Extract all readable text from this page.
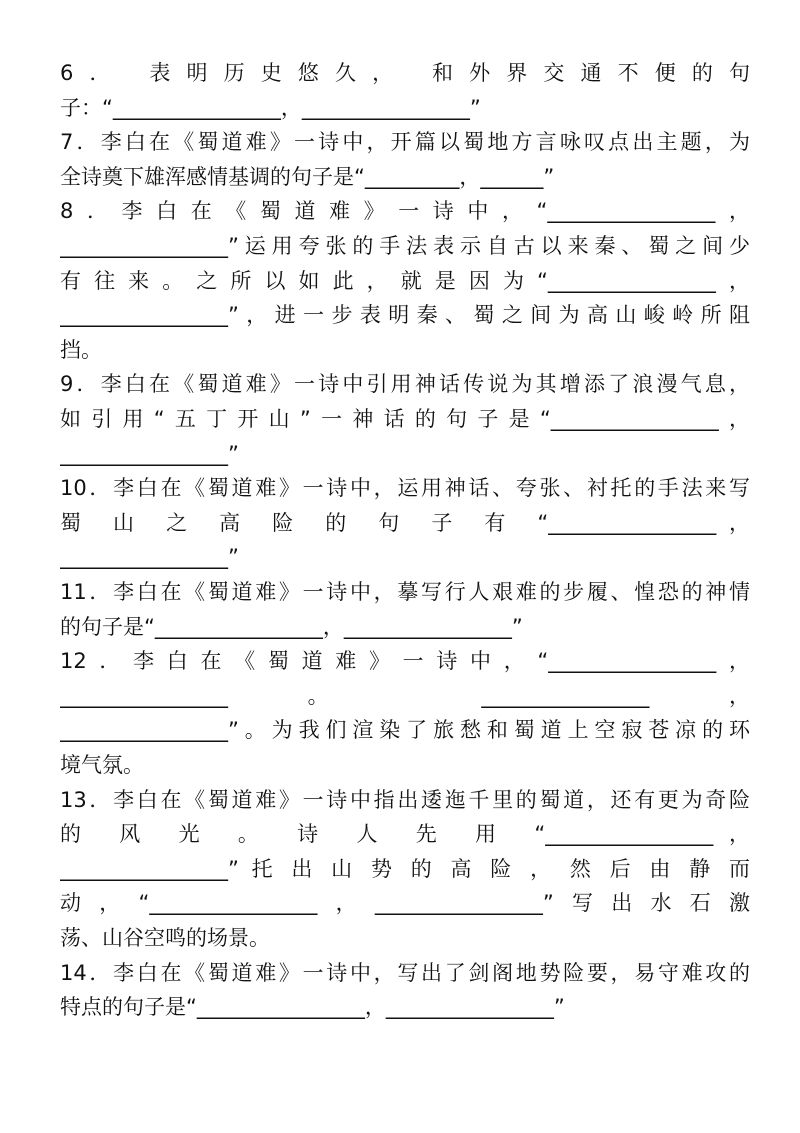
6． 表明历史悠久， 和外界交通不便的句
子：“________________，________________”
7．李白在《蜀道难》一诗中，开篇以蜀地方言咏叹点出主题，为
全诗奠下雄浑感情基调的句子是“_________，______”
8．李白在《蜀道难》一诗中，“________________，
________________”运用夸张的手法表示自古以来秦、蜀之间少
有往来。之所以如此，就是因为“________________，
________________”，进一步表明秦、蜀之间为高山峻岭所阻
挡。
9．李白在《蜀道难》一诗中引用神话传说为其增添了浪漫气息，
如引用“五丁开山”一神话的句子是“________________，
________________”
10．李白在《蜀道难》一诗中，运用神话、夸张、衬托的手法来写
蜀 山 之 高 险 的 句 子 有 “________________，
________________”
11．李白在《蜀道难》一诗中，摹写行人艰难的步履、惶恐的神情
的句子是“________________，________________”
12．李白在《蜀道难》一诗中，“________________，
________________ 。 ________________ ，
________________”。为我们渲染了旅愁和蜀道上空寂苍凉的环
境气氛。
13．李白在《蜀道难》一诗中指出逶迤千里的蜀道，还有更为奇险
的 风 光 。 诗 人 先 用 “________________，
________________” 托 出 山 势 的 高 险 ， 然 后 由 静 而
动，“________________，________________”写出水石激
荡、山谷空鸣的场景。
14．李白在《蜀道难》一诗中，写出了剑阁地势险要，易守难攻的
特点的句子是“________________，________________”
